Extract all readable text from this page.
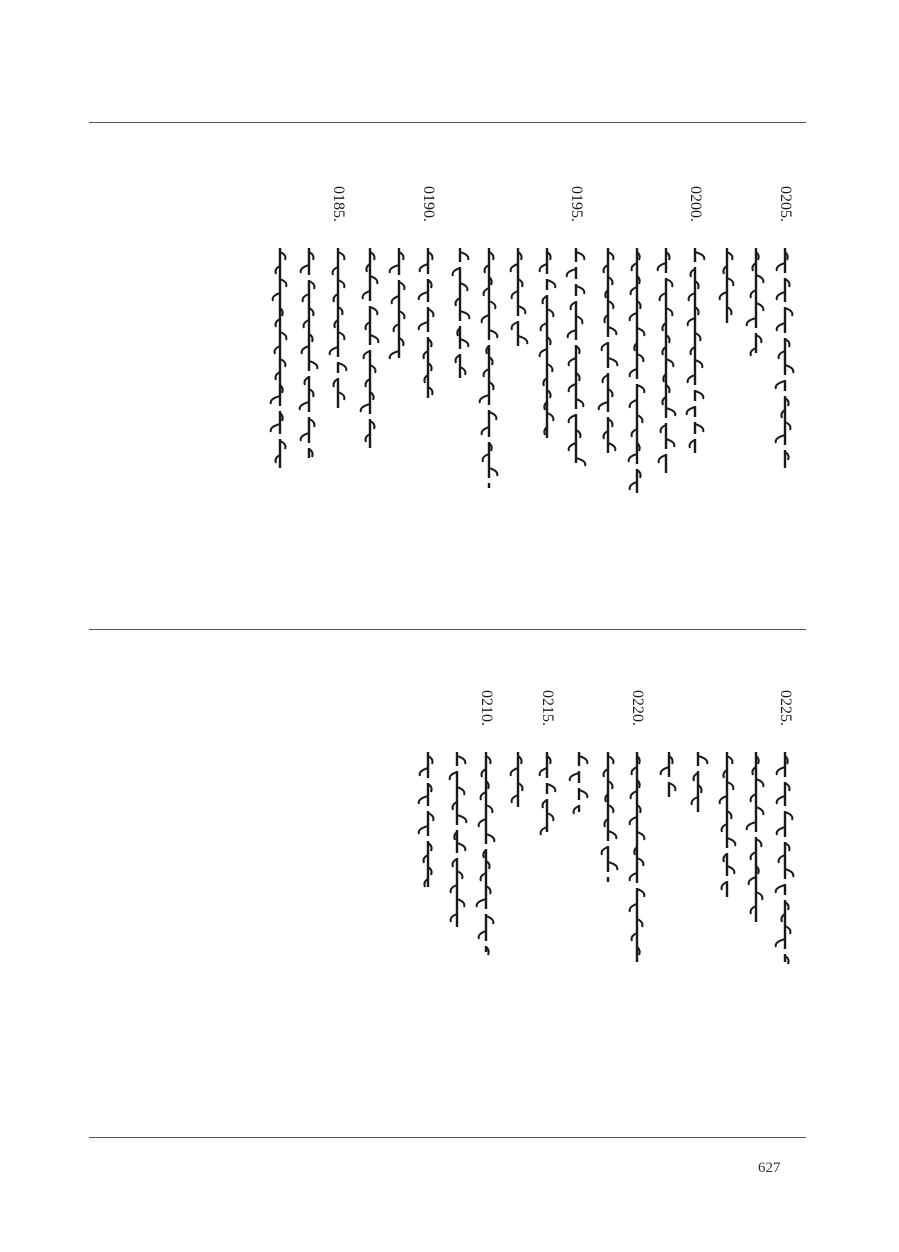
0205.
0200.
0195.
0190.
0185.
0225.
0220.
0215.
0210.
627
